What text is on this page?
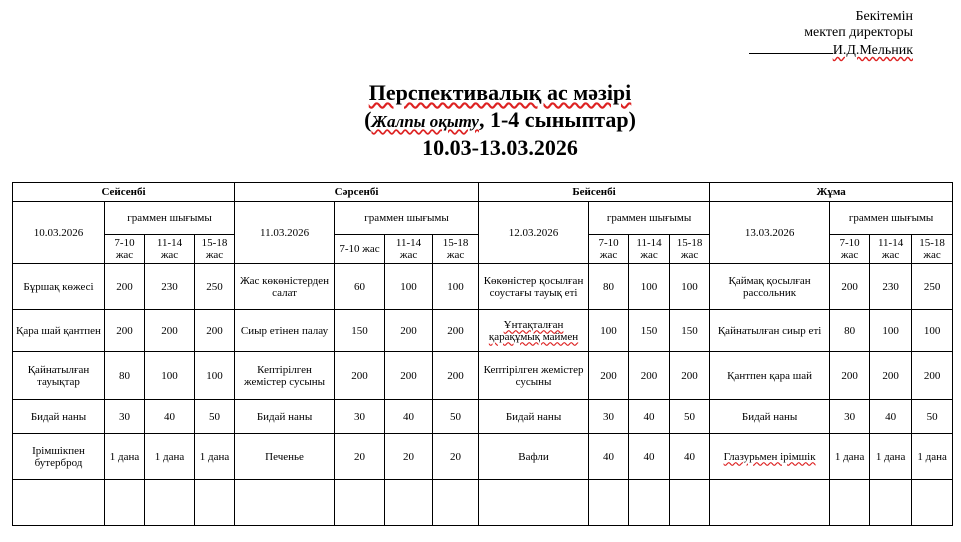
Бекітемін
мектеп директоры
И.Д.Мельник
Перспективалық ас мәзірі
(Жалпы оқыту, 1-4 сыныптар)
10.03-13.03.2026
Сейсенбі				Сәрсенбі				Бейсенбі				Жұма			
10.03.2026	граммен шығымы			11.03.2026	граммен шығымы			12.03.2026	граммен шығымы			13.03.2026	граммен шығымы		
	7-10 жас	11-14 жас	15-18 жас		7-10 жас	11-14 жас	15-18 жас		7-10 жас	11-14 жас	15-18 жас		7-10 жас	11-14 жас	15-18 жас
Бұршақ көжесі	200	230	250	Жас көкөністерден салат	60	100	100	Көкөністер қосылған соустағы тауық еті	80	100	100	Қаймақ қосылған рассольник	200	230	250
Қара шай қантпен	200	200	200	Сиыр етінен палау	150	200	200	Ұнтақталған қарақұмық маймен	100	150	150	Қайнатылған сиыр еті	80	100	100
Қайнатылған тауықтар	80	100	100	Кептірілген жемістер сусыны	200	200	200	Кептірілген жемістер сусыны	200	200	200	Қантпен қара шай	200	200	200
Бидай наны	30	40	50	Бидай наны	30	40	50	Бидай наны	30	40	50	Бидай наны	30	40	50
Ірімшікпен бутерброд	1 дана	1 дана	1 дана	Печенье	20	20	20	Вафли	40	40	40	Глазурьмен ірімшік	1 дана	1 дана	1 дана
